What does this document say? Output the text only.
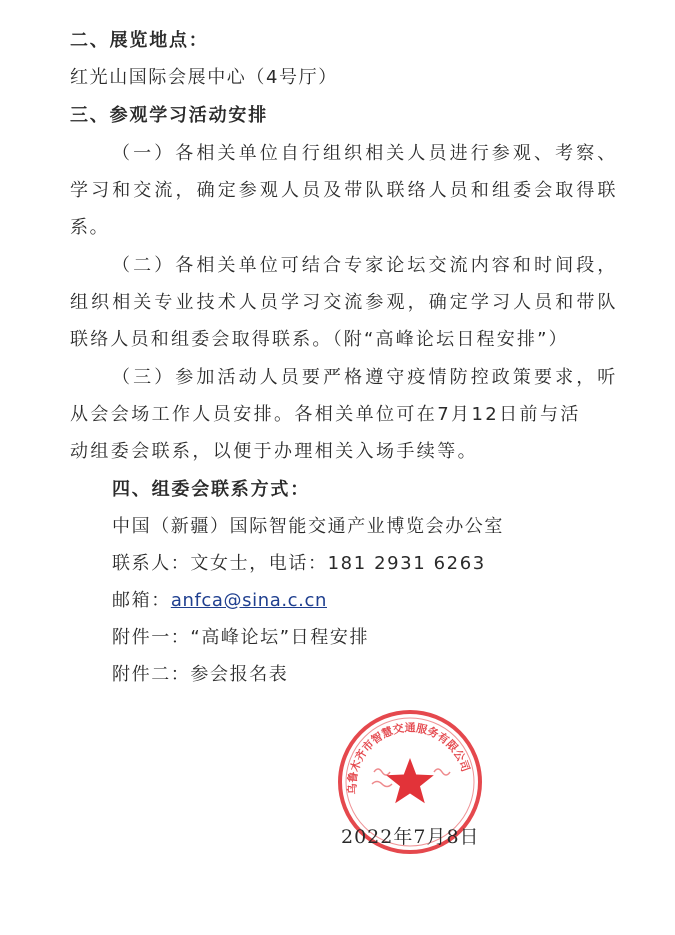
二、展览地点：
红光山国际会展中心（4号厅）
三、参观学习活动安排
（一）各相关单位自行组织相关人员进行参观、考察、
学习和交流，确定参观人员及带队联络人员和组委会取得联
系。
（二）各相关单位可结合专家论坛交流内容和时间段，
组织相关专业技术人员学习交流参观，确定学习人员和带队
联络人员和组委会取得联系。（附“高峰论坛日程安排”）
（三）参加活动人员要严格遵守疫情防控政策要求，听
从会会场工作人员安排。各相关单位可在7月12日前与活
动组委会联系，以便于办理相关入场手续等。
四、组委会联系方式：
中国（新疆）国际智能交通产业博览会办公室
联系人：文女士，电话：181 2931 6263
邮箱：anfca@sina.c.cn
附件一：“高峰论坛”日程安排
附件二：参会报名表
乌鲁木齐市智慧交通服务有限公司
2022年7月8日
